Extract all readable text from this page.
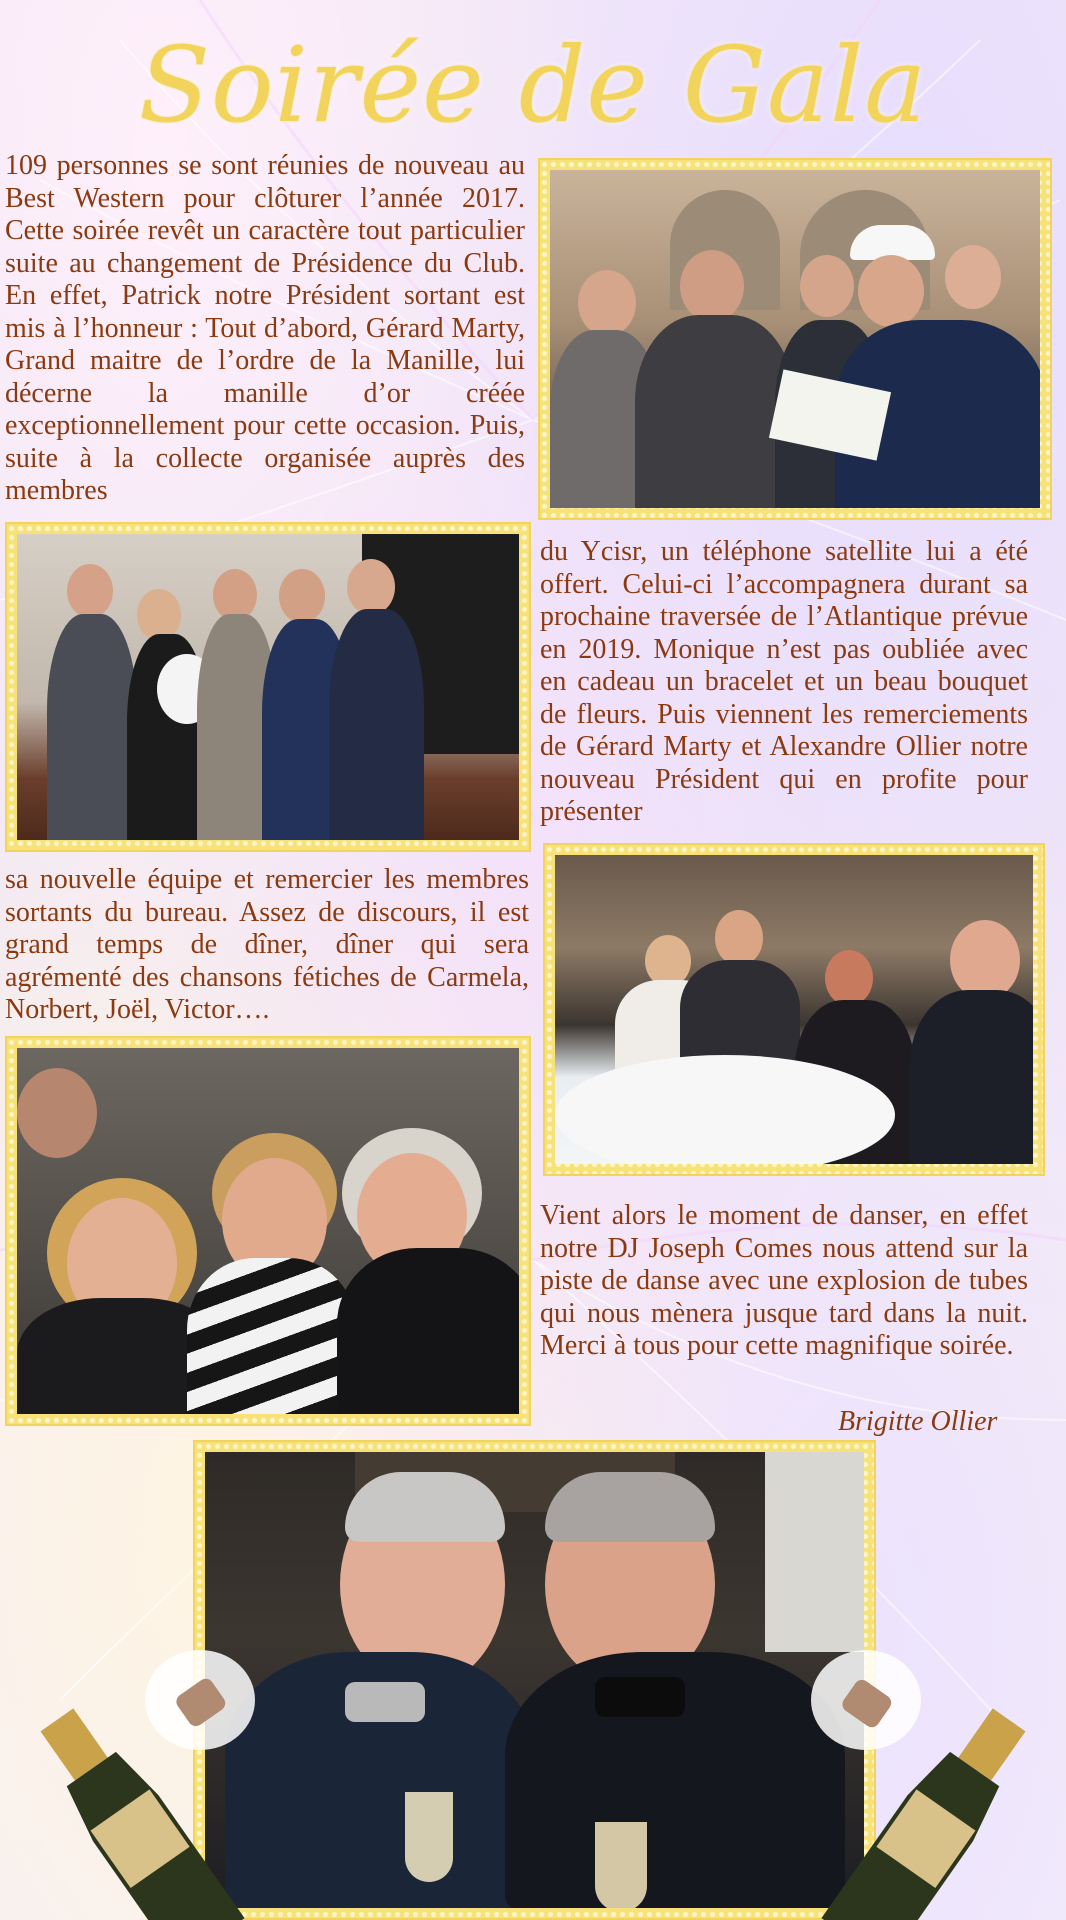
Soirée de Gala
109 personnes se sont réunies de nouveau au Best Western pour clôturer l’année 2017. Cette soirée revêt un caractère tout particulier suite au changement de Présidence du Club. En effet, Patrick notre Président sortant est mis à l’honneur : Tout d’abord, Gérard Marty, Grand maitre de l’ordre de la Manille, lui décerne la manille d’or créée exceptionnellement pour cette occasion. Puis, suite à la collecte organisée auprès des membres
du Ycisr, un téléphone satellite lui a été offert. Celui-ci l’accompagnera durant sa prochaine traversée de l’Atlantique prévue en 2019. Monique n’est pas oubliée avec en cadeau un bracelet et un beau bouquet de fleurs. Puis viennent les remerciements de Gérard Marty et Alexandre Ollier notre nouveau Président qui en profite pour présenter
sa nouvelle équipe et remercier les membres sortants du bureau. Assez de discours, il est grand temps de dîner, dîner qui sera agrémenté des chansons fétiches de Carmela, Norbert, Joël, Victor….
Vient alors le moment de danser, en effet notre DJ Joseph Comes nous attend sur la piste de danse avec une explosion de tubes qui nous mènera jusque tard dans la nuit. Merci à tous pour cette magnifique soirée.
Brigitte Ollier
